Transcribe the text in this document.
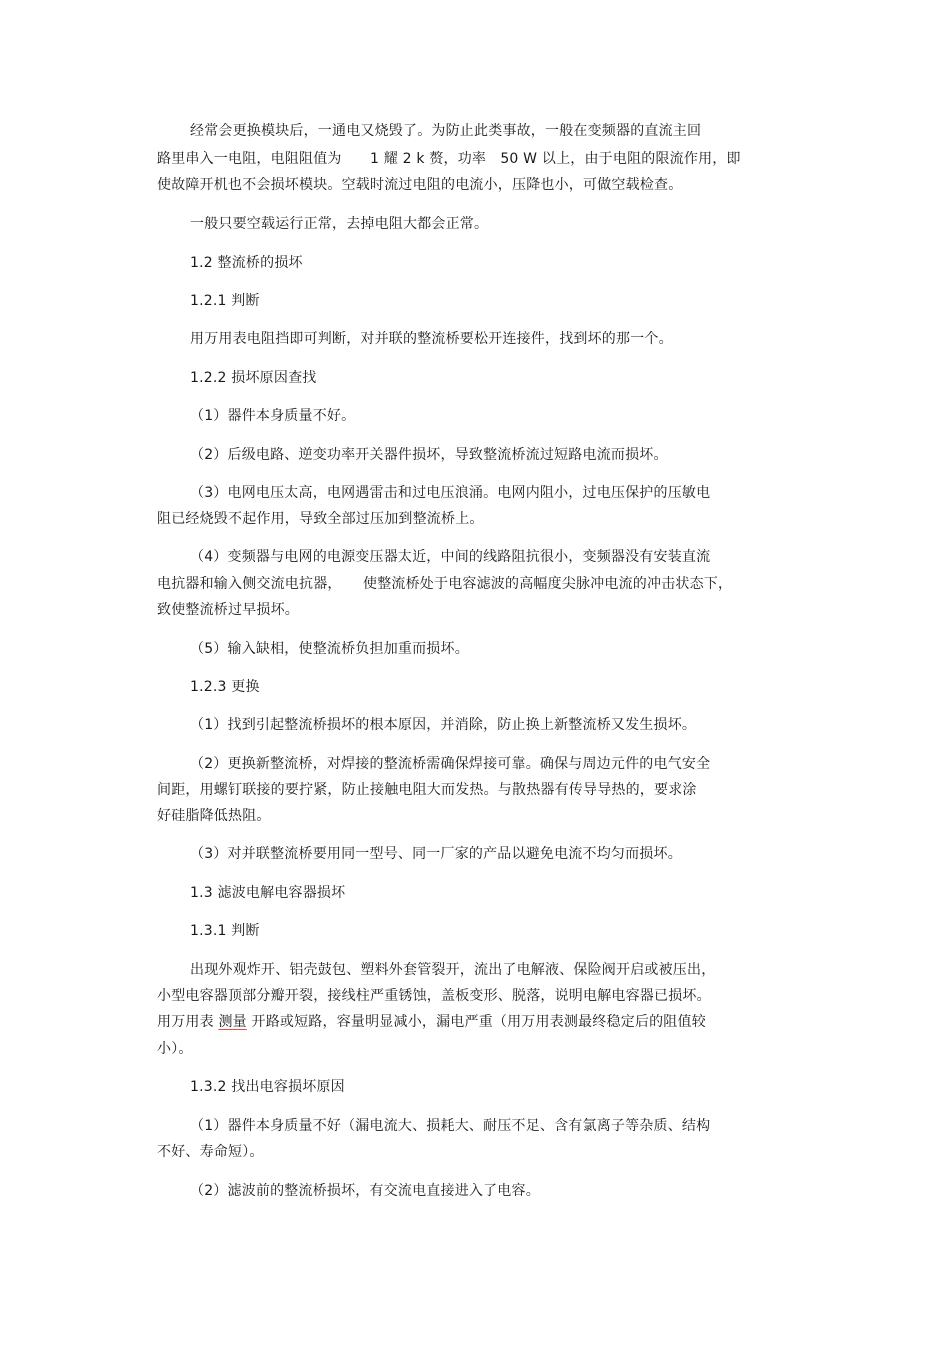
经常会更换模块后，一通电又烧毁了。为防止此类事故，一般在变频器的直流主回
路里串入一电阻，电阻阻值为　　1 耀 2 k 赘，功率　50 W 以上，由于电阻的限流作用，即
使故障开机也不会损坏模块。空载时流过电阻的电流小，压降也小，可做空载检查。
一般只要空载运行正常，去掉电阻大都会正常。
1.2 整流桥的损坏
1.2.1 判断
用万用表电阻挡即可判断，对并联的整流桥要松开连接件，找到坏的那一个。
1.2.2 损坏原因查找
（1）器件本身质量不好。
（2）后级电路、逆变功率开关器件损坏，导致整流桥流过短路电流而损坏。
（3）电网电压太高，电网遇雷击和过电压浪涌。电网内阻小，过电压保护的压敏电
阻已经烧毁不起作用，导致全部过压加到整流桥上。
（4）变频器与电网的电源变压器太近，中间的线路阻抗很小，变频器没有安装直流
电抗器和输入侧交流电抗器，　　使整流桥处于电容滤波的高幅度尖脉冲电流的冲击状态下，
致使整流桥过早损坏。
（5）输入缺相，使整流桥负担加重而损坏。
1.2.3 更换
（1）找到引起整流桥损坏的根本原因，并消除，防止换上新整流桥又发生损坏。
（2）更换新整流桥，对焊接的整流桥需确保焊接可靠。确保与周边元件的电气安全
间距，用螺钉联接的要拧紧，防止接触电阻大而发热。与散热器有传导导热的，要求涂
好硅脂降低热阻。
（3）对并联整流桥要用同一型号、同一厂家的产品以避免电流不均匀而损坏。
1.3 滤波电解电容器损坏
1.3.1 判断
出现外观炸开、铝壳鼓包、塑料外套管裂开，流出了电解液、保险阀开启或被压出，
小型电容器顶部分瓣开裂，接线柱严重锈蚀，盖板变形、脱落，说明电解电容器已损坏。
用万用表 测量 开路或短路，容量明显减小，漏电严重（用万用表测最终稳定后的阻值较
小）。
1.3.2 找出电容损坏原因
（1）器件本身质量不好（漏电流大、损耗大、耐压不足、含有氯离子等杂质、结构
不好、寿命短）。
（2）滤波前的整流桥损坏，有交流电直接进入了电容。
